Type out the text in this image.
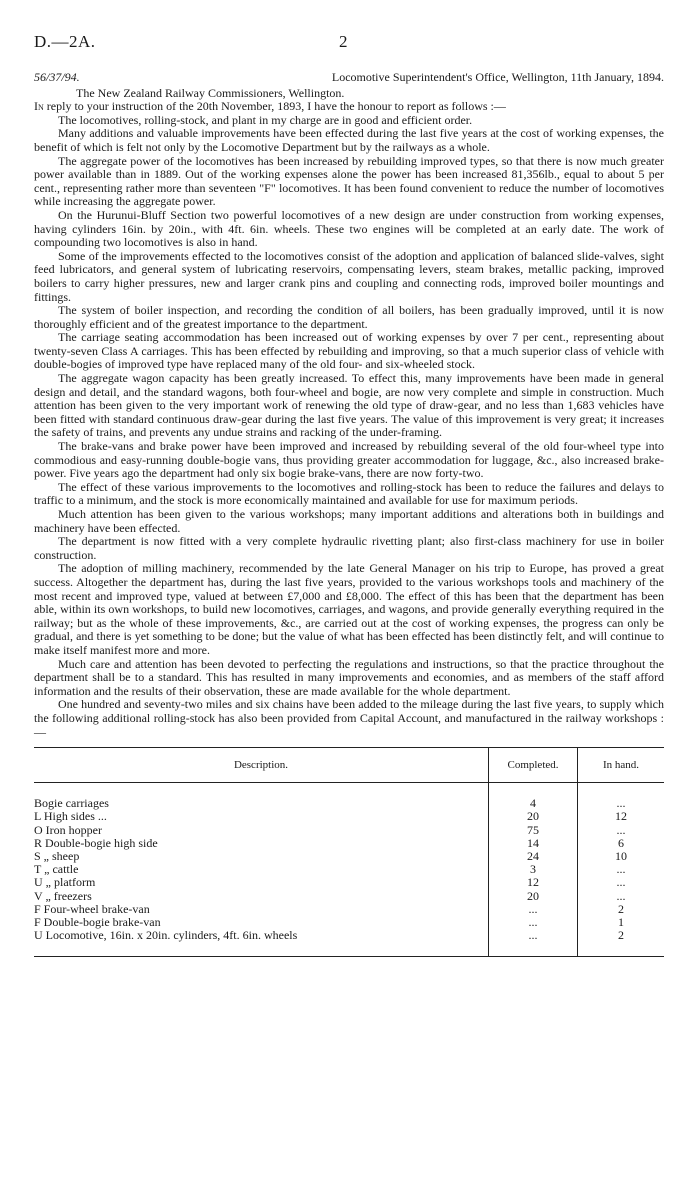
D.—2A.	2
56/37/94.	Locomotive Superintendent's Office, Wellington, 11th January, 1894.

The New Zealand Railway Commissioners, Wellington.

In reply to your instruction of the 20th November, 1893, I have the honour to report as follows :—

The locomotives, rolling-stock, and plant in my charge are in good and efficient order.

Many additions and valuable improvements have been effected during the last five years at the cost of working expenses, the benefit of which is felt not only by the Locomotive Department but by the railways as a whole.

The aggregate power of the locomotives has been increased by rebuilding improved types, so that there is now much greater power available than in 1889. Out of the working expenses alone the power has been increased 81,356lb., equal to about 5 per cent., representing rather more than seventeen "F" locomotives. It has been found convenient to reduce the number of locomotives while increasing the aggregate power.

On the Hurunui-Bluff Section two powerful locomotives of a new design are under construction from working expenses, having cylinders 16in. by 20in., with 4ft. 6in. wheels. These two engines will be completed at an early date. The work of compounding two locomotives is also in hand.

Some of the improvements effected to the locomotives consist of the adoption and application of balanced slide-valves, sight feed lubricators, and general system of lubricating reservoirs, compensating levers, steam brakes, metallic packing, improved boilers to carry higher pressures, new and larger crank pins and coupling and connecting rods, improved boiler mountings and fittings.

The system of boiler inspection, and recording the condition of all boilers, has been gradually improved, until it is now thoroughly efficient and of the greatest importance to the department.

The carriage seating accommodation has been increased out of working expenses by over 7 per cent., representing about twenty-seven Class A carriages. This has been effected by rebuilding and improving, so that a much superior class of vehicle with double-bogies of improved type have replaced many of the old four- and six-wheeled stock.

The aggregate wagon capacity has been greatly increased. To effect this, many improvements have been made in general design and detail, and the standard wagons, both four-wheel and bogie, are now very complete and simple in construction. Much attention has been given to the very important work of renewing the old type of draw-gear, and no less than 1,683 vehicles have been fitted with standard continuous draw-gear during the last five years. The value of this improvement is very great; it increases the safety of trains, and prevents any undue strains and racking of the under-framing.

The brake-vans and brake power have been improved and increased by rebuilding several of the old four-wheel type into commodious and easy-running double-bogie vans, thus providing greater accommodation for luggage, &c., also increased brake-power. Five years ago the department had only six bogie brake-vans, there are now forty-two.

The effect of these various improvements to the locomotives and rolling-stock has been to reduce the failures and delays to traffic to a minimum, and the stock is more economically maintained and available for use for maximum periods.

Much attention has been given to the various workshops; many important additions and alterations both in buildings and machinery have been effected.

The department is now fitted with a very complete hydraulic rivetting plant; also first-class machinery for use in boiler construction.

The adoption of milling machinery, recommended by the late General Manager on his trip to Europe, has proved a great success. Altogether the department has, during the last five years, provided to the various workshops tools and machinery of the most recent and improved type, valued at between £7,000 and £8,000. The effect of this has been that the department has been able, within its own workshops, to build new locomotives, carriages, and wagons, and provide generally everything required in the railway; but as the whole of these improvements, &c., are carried out at the cost of working expenses, the progress can only be gradual, and there is yet something to be done; but the value of what has been effected has been distinctly felt, and will continue to make itself manifest more and more.

Much care and attention has been devoted to perfecting the regulations and instructions, so that the practice throughout the department shall be to a standard. This has resulted in many improvements and economies, and as members of the staff afford information and the results of their observation, these are made available for the whole department.

One hundred and seventy-two miles and six chains have been added to the mileage during the last five years, to supply which the following additional rolling-stock has also been provided from Capital Account, and manufactured in the railway workshops :—

Description.	Completed.	In hand.

Bogie carriages	4	...
L High sides ...	20	12
O Iron hopper	75	...
R Double-bogie high side	14	6
S „ sheep	24	10
T „ cattle	3	...
U „ platform	12	...
V „ freezers	20	...
F Four-wheel brake-van	...	2
F Double-bogie brake-van	...	1
U Locomotive, 16in. x 20in. cylinders, 4ft. 6in. wheels	...	2
